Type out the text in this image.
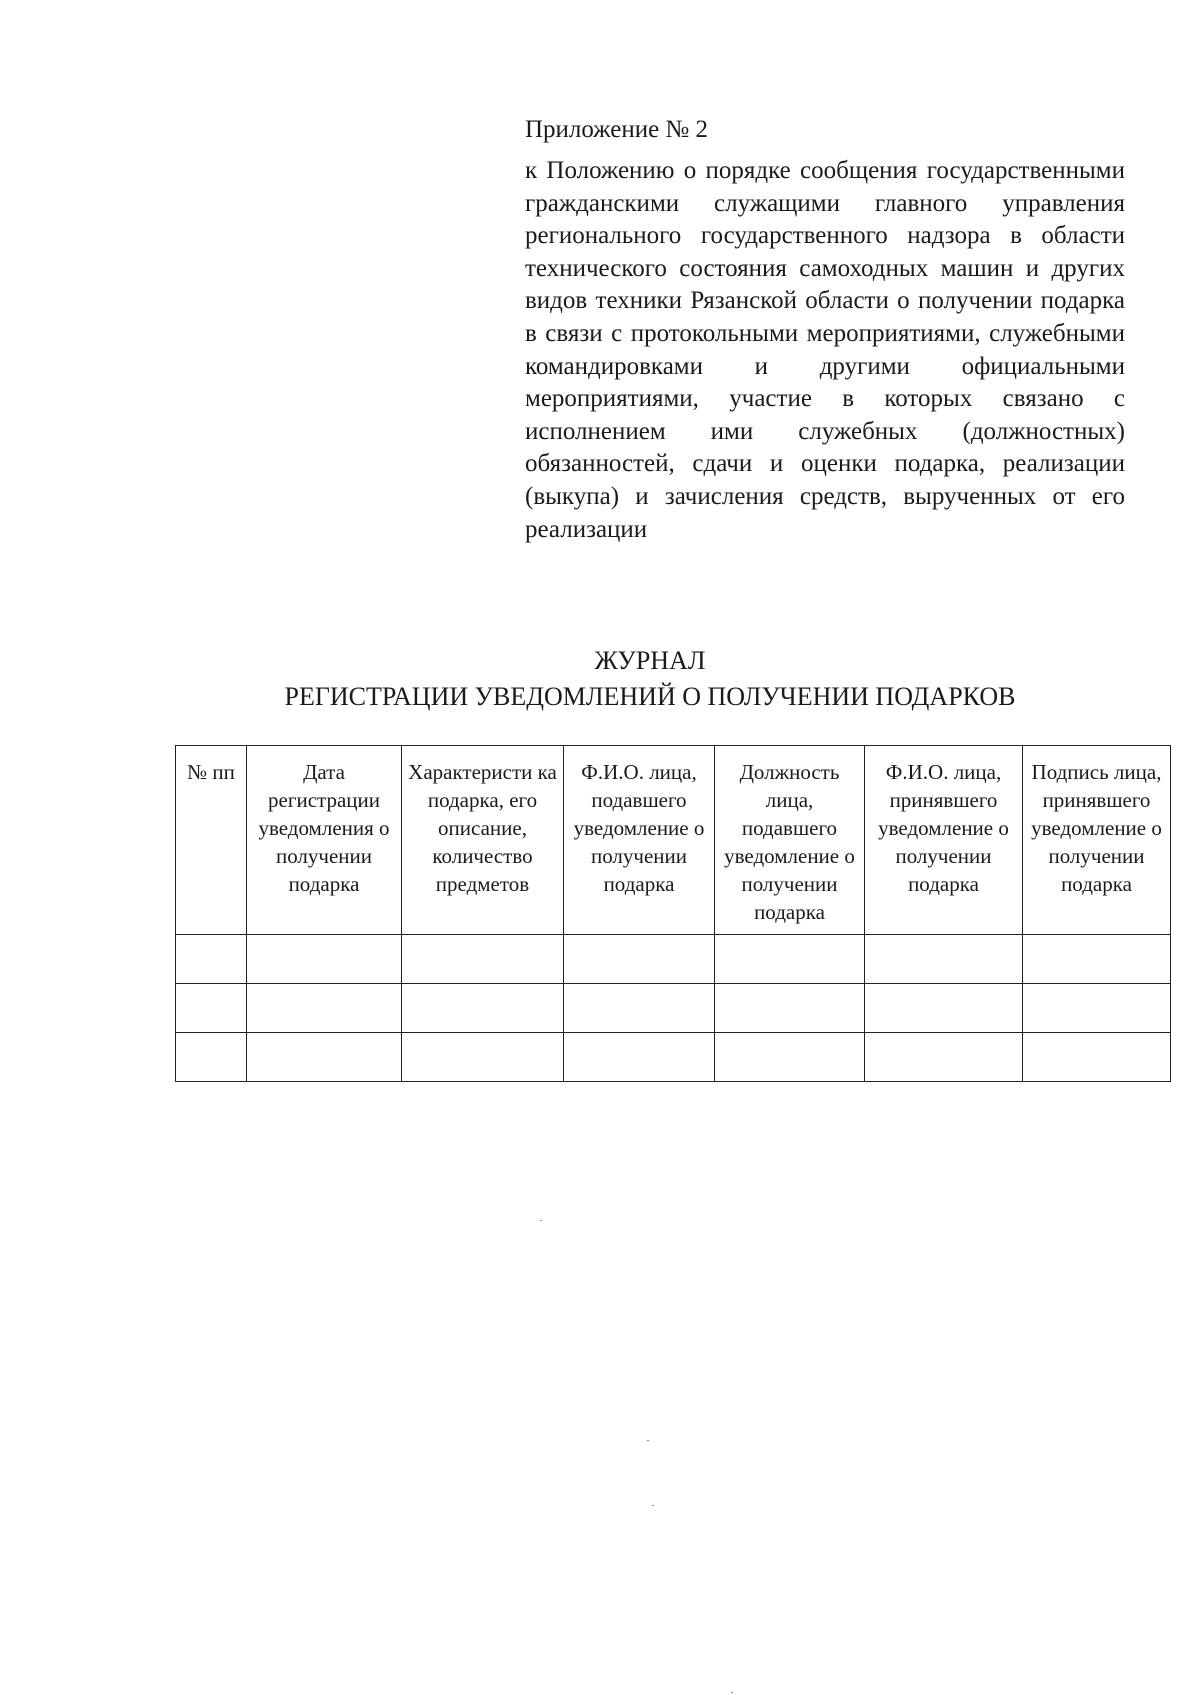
Приложение № 2
к Положению о порядке сообщения государственными гражданскими служащими главного управления регионального государственного надзора в области технического состояния самоходных машин и других видов техники Рязанской области о получении подарка в связи с протокольными мероприятиями, служебными командировками и другими официальными мероприятиями, участие в которых связано с исполнением ими служебных (должностных) обязанностей, сдачи и оценки подарка, реализации (выкупа) и зачисления средств, вырученных от его реализации
ЖУРНАЛ
РЕГИСТРАЦИИ УВЕДОМЛЕНИЙ О ПОЛУЧЕНИИ ПОДАРКОВ
№ пп	Дата регистрации уведомления о получении подарка	Характеристи ка подарка, его описание, количество предметов	Ф.И.О. лица, подавшего уведомление о получении подарка	Должность лица, подавшего уведомление о получении подарка	Ф.И.О. лица, принявшего уведомление о получении подарка	Подпись лица, принявшего уведомление о получении подарка
